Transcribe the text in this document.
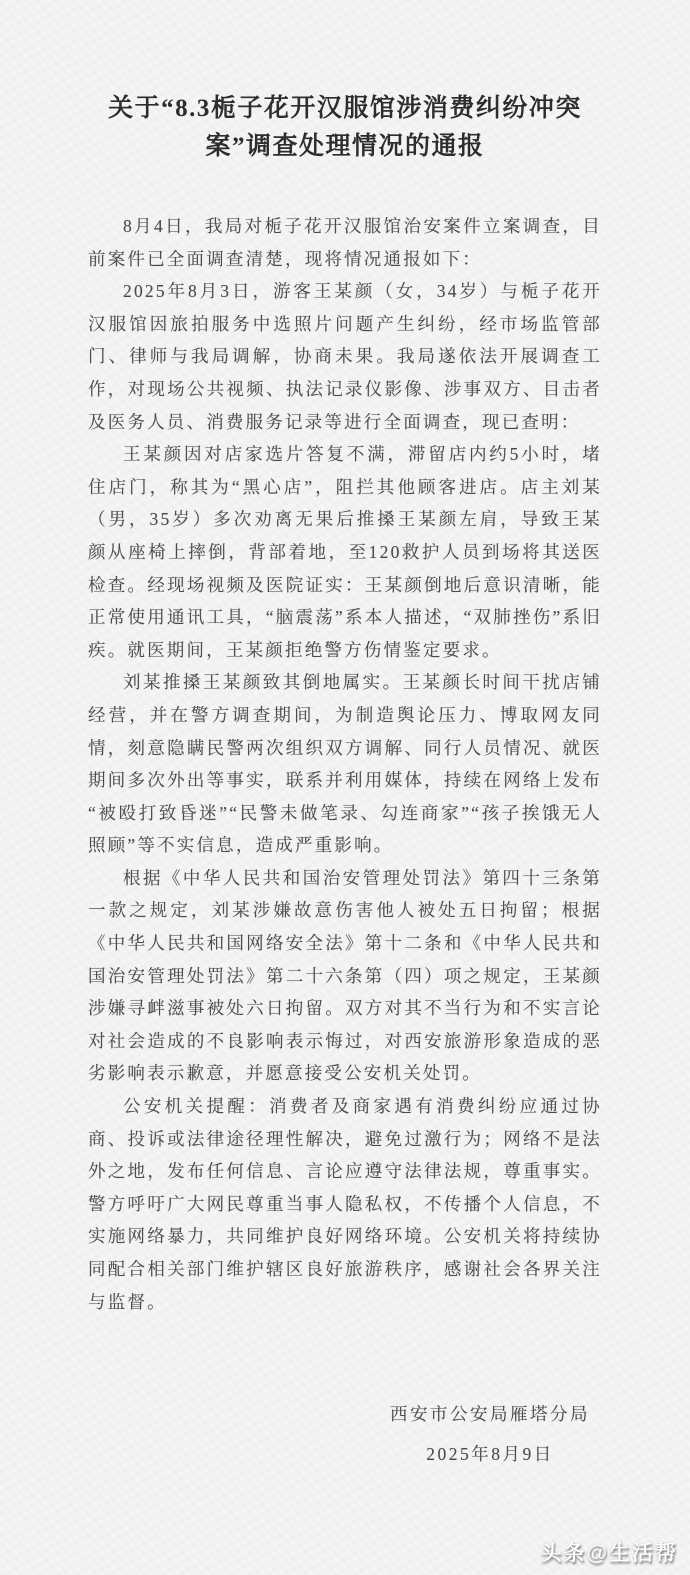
关于“8.3栀子花开汉服馆涉消费纠纷冲突
案”调查处理情况的通报

8月4日，我局对栀子花开汉服馆治安案件立案调查，目前案件已全面调查清楚，现将情况通报如下：

2025年8月3日，游客王某颜（女，34岁）与栀子花开汉服馆因旅拍服务中选照片问题产生纠纷，经市场监管部门、律师与我局调解，协商未果。我局遂依法开展调查工作，对现场公共视频、执法记录仪影像、涉事双方、目击者及医务人员、消费服务记录等进行全面调查，现已查明：

王某颜因对店家选片答复不满，滞留店内约5小时，堵住店门，称其为“黑心店”，阻拦其他顾客进店。店主刘某（男，35岁）多次劝离无果后推搡王某颜左肩，导致王某颜从座椅上摔倒，背部着地，至120救护人员到场将其送医检查。经现场视频及医院证实：王某颜倒地后意识清晰，能正常使用通讯工具，“脑震荡”系本人描述，“双肺挫伤”系旧疾。就医期间，王某颜拒绝警方伤情鉴定要求。

刘某推搡王某颜致其倒地属实。王某颜长时间干扰店铺经营，并在警方调查期间，为制造舆论压力、博取网友同情，刻意隐瞒民警两次组织双方调解、同行人员情况、就医期间多次外出等事实，联系并利用媒体，持续在网络上发布“被殴打致昏迷”“民警未做笔录、勾连商家”“孩子挨饿无人照顾”等不实信息，造成严重影响。

根据《中华人民共和国治安管理处罚法》第四十三条第一款之规定，刘某涉嫌故意伤害他人被处五日拘留；根据《中华人民共和国网络安全法》第十二条和《中华人民共和国治安管理处罚法》第二十六条第（四）项之规定，王某颜涉嫌寻衅滋事被处六日拘留。双方对其不当行为和不实言论对社会造成的不良影响表示悔过，对西安旅游形象造成的恶劣影响表示歉意，并愿意接受公安机关处罚。

公安机关提醒：消费者及商家遇有消费纠纷应通过协商、投诉或法律途径理性解决，避免过激行为；网络不是法外之地，发布任何信息、言论应遵守法律法规，尊重事实。警方呼吁广大网民尊重当事人隐私权，不传播个人信息，不实施网络暴力，共同维护良好网络环境。公安机关将持续协同配合相关部门维护辖区良好旅游秩序，感谢社会各界关注与监督。

西安市公安局雁塔分局
2025年8月9日
头条@生活帮
